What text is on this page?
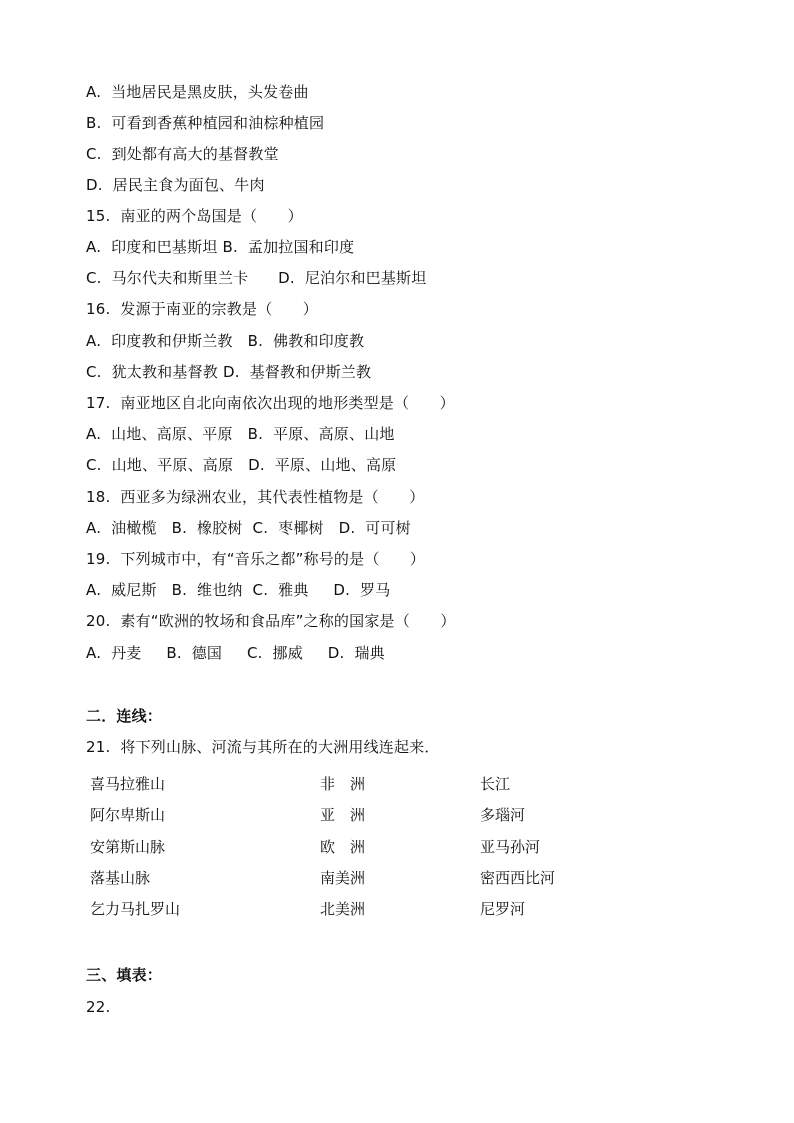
A.  当地居民是黑皮肤，头发卷曲
B.  可看到香蕉种植园和油棕种植园
C.  到处都有高大的基督教堂
D.  居民主食为面包、牛肉
15.  南亚的两个岛国是（　　）
A.  印度和巴基斯坦 B.  孟加拉国和印度
C.  马尔代夫和斯里兰卡      D.  尼泊尔和巴基斯坦
16.  发源于南亚的宗教是（　　）
A.  印度教和伊斯兰教   B.  佛教和印度教
C.  犹太教和基督教 D.  基督教和伊斯兰教
17.  南亚地区自北向南依次出现的地形类型是（　　）
A.  山地、高原、平原   B.  平原、高原、山地
C.  山地、平原、高原   D.  平原、山地、高原
18.  西亚多为绿洲农业，其代表性植物是（　　）
A.  油橄榄   B.  橡胶树  C.  枣椰树   D.  可可树
19.  下列城市中，有“音乐之都”称号的是（　　）
A.  威尼斯   B.  维也纳  C.  雅典     D.  罗马
20.  素有“欧洲的牧场和食品库”之称的国家是（　　）
A.  丹麦     B.  德国     C.  挪威     D.  瑞典
二．连线：
21.  将下列山脉、河流与其所在的大洲用线连起来．
喜马拉雅山	非　洲	长江
阿尔卑斯山	亚　洲	多瑙河
安第斯山脉	欧　洲	亚马孙河
落基山脉	南美洲	密西西比河
乞力马扎罗山	北美洲	尼罗河
三、填表：
22.
